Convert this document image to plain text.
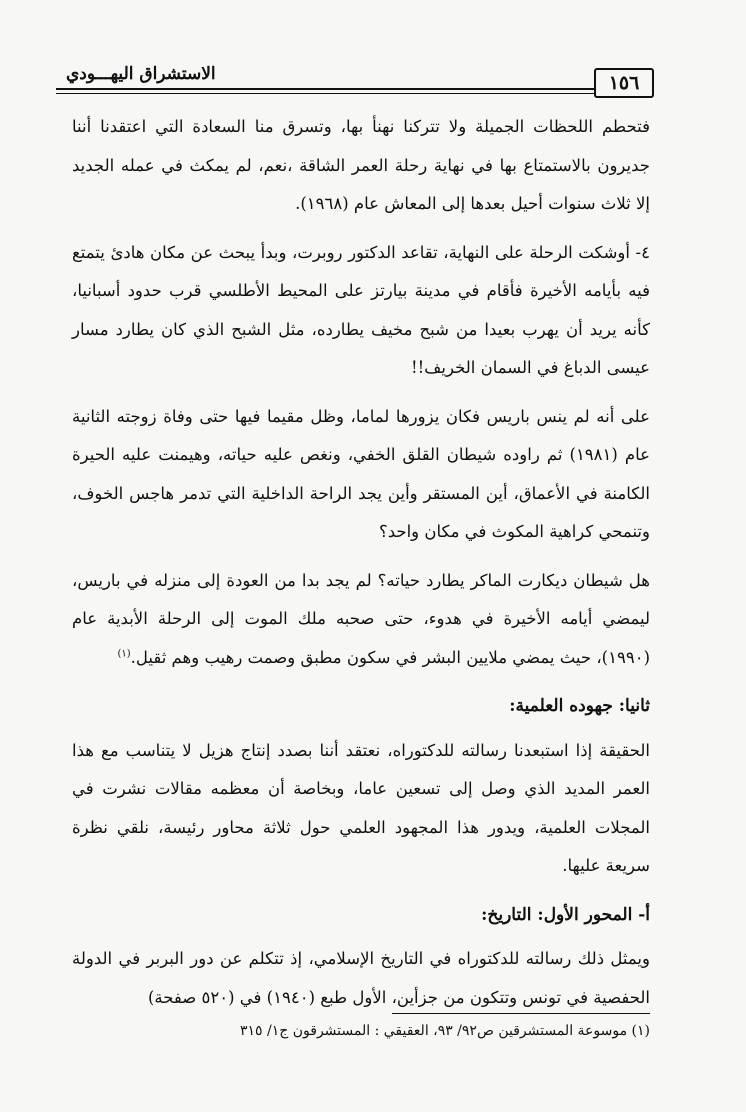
١٥٦
الاستشراق اليهـــودي

فتحطم اللحظات الجميلة ولا تتركنا نهنأ بها، وتسرق منا السعادة التي اعتقدنا أننا جديرون بالاستمتاع بها في نهاية رحلة العمر الشاقة ،نعم، لم يمكث في عمله الجديد إلا ثلاث سنوات أحيل بعدها إلى المعاش عام (١٩٦٨).

٤- أوشكت الرحلة على النهاية، تقاعد الدكتور روبرت، وبدأ يبحث عن مكان هادئ يتمتع فيه بأيامه الأخيرة فأقام في مدينة بيارتز على المحيط الأطلسي قرب حدود أسبانيا، كأنه يريد أن يهرب بعيدا من شبح مخيف يطارده، مثل الشبح الذي كان يطارد مسار عيسى الدباغ في السمان الخريف!!

على أنه لم ينس باريس فكان يزورها لماما، وظل مقيما فيها حتى وفاة زوجته الثانية عام (١٩٨١) ثم راوده شيطان القلق الخفي، ونغص عليه حياته، وهيمنت عليه الحيرة الكامنة في الأعماق، أين المستقر وأين يجد الراحة الداخلية التي تدمر هاجس الخوف، وتنمحي كراهية المكوث في مكان واحد؟

هل شيطان ديكارت الماكر يطارد حياته؟ لم يجد بدا من العودة إلى منزله في باريس، ليمضي أيامه الأخيرة في هدوء، حتى صحبه ملك الموت إلى الرحلة الأبدية عام (١٩٩٠)، حيث يمضي ملايين البشر في سكون مطبق وصمت رهيب وهم ثقيل.$^{(١)}$

ثانيا: جهوده العلمية:

الحقيقة إذا استبعدنا رسالته للدكتوراه، نعتقد أننا بصدد إنتاج هزيل لا يتناسب مع هذا العمر المديد الذي وصل إلى تسعين عاما، وبخاصة أن معظمه مقالات نشرت في المجلات العلمية، ويدور هذا المجهود العلمي حول ثلاثة محاور رئيسة، نلقي نظرة سريعة عليها.

أ- المحور الأول: التاريخ:

ويمثل ذلك رسالته للدكتوراه في التاريخ الإسلامي، إذ تتكلم عن دور البربر في الدولة الحفصية في تونس وتتكون من جزأين، الأول طبع (١٩٤٠) في (٥٢٠ صفحة)

(١) موسوعة المستشرقين ص٩٢/ ٩٣، العقيقي : المستشرقون ج١/ ٣١٥
